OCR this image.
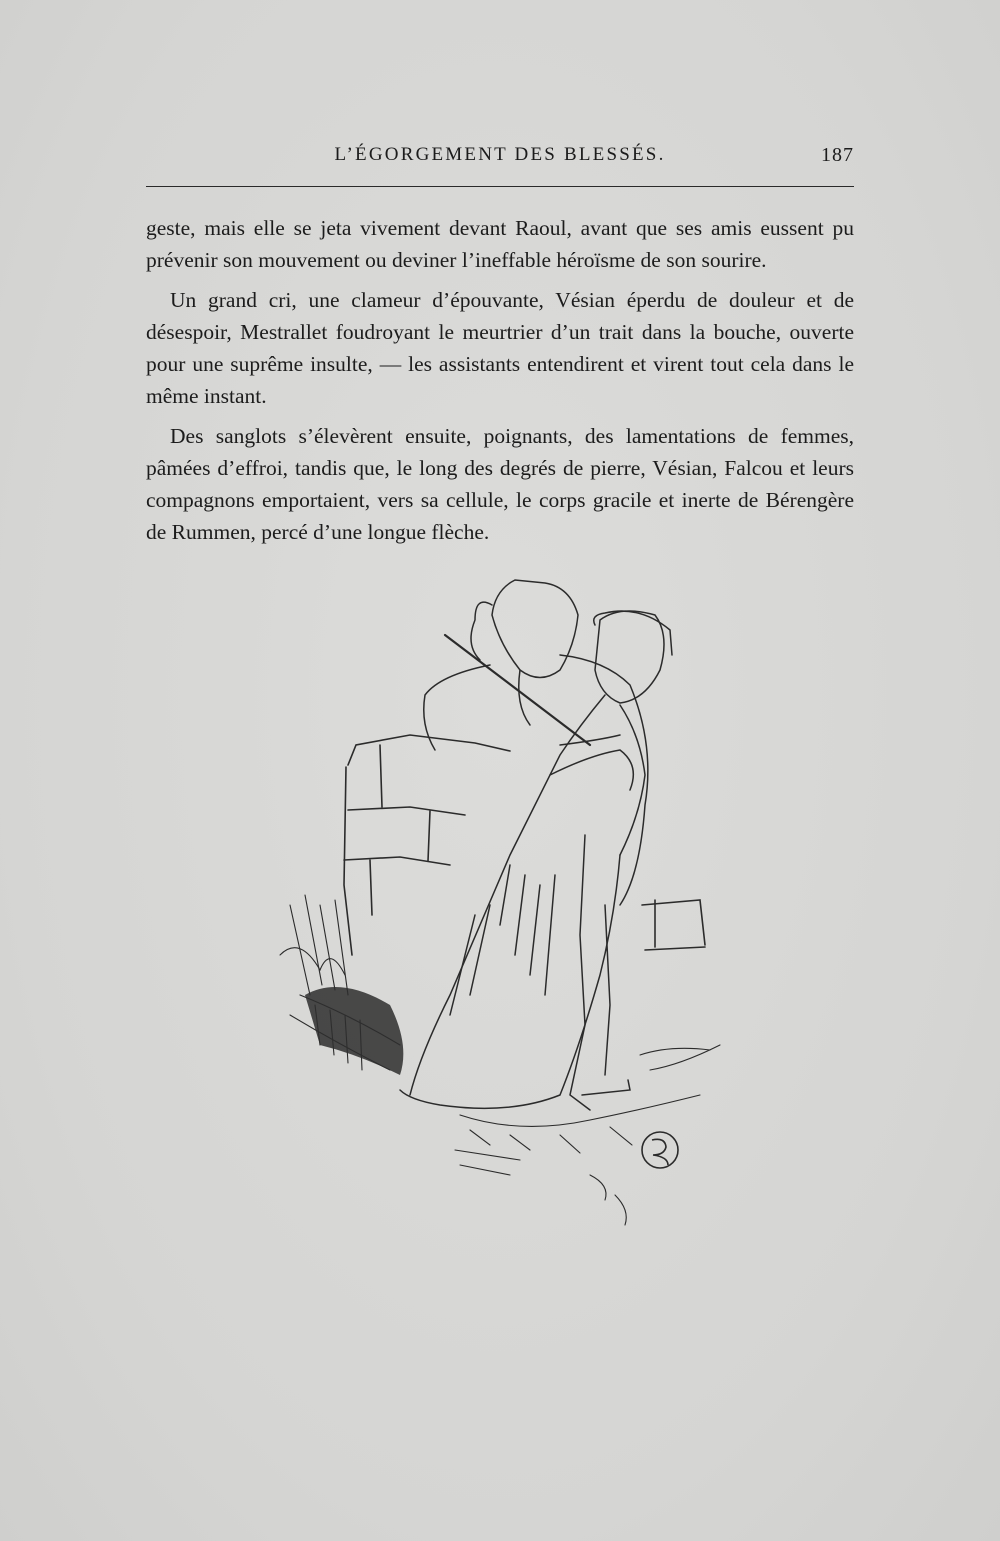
L’ÉGORGEMENT DES BLESSÉS.	187

geste, mais elle se jeta vivement devant Raoul, avant que ses amis eussent pu prévenir son mouvement ou deviner l’ineffable héroïsme de son sourire.

Un grand cri, une clameur d’épouvante, Vésian éperdu de douleur et de désespoir, Mestrallet foudroyant le meurtrier d’un trait dans la bouche, ouverte pour une suprême insulte, — les assistants entendirent et virent tout cela dans le même instant.

Des sanglots s’élevèrent ensuite, poignants, des lamentations de femmes, pâmées d’effroi, tandis que, le long des degrés de pierre, Vésian, Falcou et leurs compagnons emportaient, vers sa cellule, le corps gracile et inerte de Bérengère de Rummen, percé d’une longue flèche.
